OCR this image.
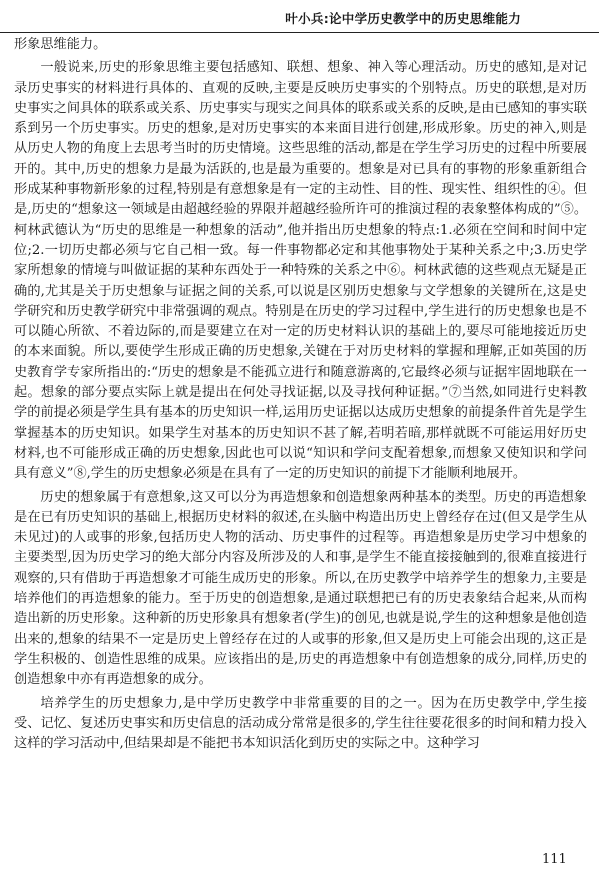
叶小兵:论中学历史教学中的历史思维能力

形象思维能力。

一般说来,历史的形象思维主要包括感知、联想、想象、神入等心理活动。历史的感知,是对记录历史事实的材料进行具体的、直观的反映,主要是反映历史事实的个别特点。历史的联想,是对历史事实之间具体的联系或关系、历史事实与现实之间具体的联系或关系的反映,是由已感知的事实联系到另一个历史事实。历史的想象,是对历史事实的本来面目进行创建,形成形象。历史的神入,则是从历史人物的角度上去思考当时的历史情境。这些思维的活动,都是在学生学习历史的过程中所要展开的。其中,历史的想象力是最为活跃的,也是最为重要的。想象是对已具有的事物的形象重新组合形成某种事物新形象的过程,特别是有意想象是有一定的主动性、目的性、现实性、组织性的④。但是,历史的“想象这一领域是由超越经验的界限并超越经验所许可的推演过程的表象整体构成的”⑤。柯林武德认为“历史的思维是一种想象的活动”,他并指出历史想象的特点:1.必须在空间和时间中定位;2.一切历史都必须与它自己相一致。每一件事物都必定和其他事物处于某种关系之中;3.历史学家所想象的情境与叫做证据的某种东西处于一种特殊的关系之中⑥。柯林武德的这些观点无疑是正确的,尤其是关于历史想象与证据之间的关系,可以说是区别历史想象与文学想象的关键所在,这是史学研究和历史教学研究中非常强调的观点。特别是在历史的学习过程中,学生进行的历史想象也是不可以随心所欲、不着边际的,而是要建立在对一定的历史材料认识的基础上的,要尽可能地接近历史的本来面貌。所以,要使学生形成正确的历史想象,关键在于对历史材料的掌握和理解,正如英国的历史教育学专家所指出的:“历史的想象是不能孤立进行和随意游离的,它最终必须与证据牢固地联在一起。想象的部分要点实际上就是提出在何处寻找证据,以及寻找何种证据。”⑦当然,如同进行史料教学的前提必须是学生具有基本的历史知识一样,运用历史证据以达成历史想象的前提条件首先是学生掌握基本的历史知识。如果学生对基本的历史知识不甚了解,若明若暗,那样就既不可能运用好历史材料,也不可能形成正确的历史想象,因此也可以说“知识和学问支配着想象,而想象又使知识和学问具有意义”⑧,学生的历史想象必须是在具有了一定的历史知识的前提下才能顺利地展开。

历史的想象属于有意想象,这又可以分为再造想象和创造想象两种基本的类型。历史的再造想象是在已有历史知识的基础上,根据历史材料的叙述,在头脑中构造出历史上曾经存在过(但又是学生从未见过)的人或事的形象,包括历史人物的活动、历史事件的过程等。再造想象是历史学习中想象的主要类型,因为历史学习的绝大部分内容及所涉及的人和事,是学生不能直接接触到的,很难直接进行观察的,只有借助于再造想象才可能生成历史的形象。所以,在历史教学中培养学生的想象力,主要是培养他们的再造想象的能力。至于历史的创造想象,是通过联想把已有的历史表象结合起来,从而构造出新的历史形象。这种新的历史形象具有想象者(学生)的创见,也就是说,学生的这种想象是他创造出来的,想象的结果不一定是历史上曾经存在过的人或事的形象,但又是历史上可能会出现的,这正是学生积极的、创造性思维的成果。应该指出的是,历史的再造想象中有创造想象的成分,同样,历史的创造想象中亦有再造想象的成分。

培养学生的历史想象力,是中学历史教学中非常重要的目的之一。因为在历史教学中,学生接受、记忆、复述历史事实和历史信息的活动成分常常是很多的,学生往往要花很多的时间和精力投入这样的学习活动中,但结果却是不能把书本知识活化到历史的实际之中。这种学习

111
